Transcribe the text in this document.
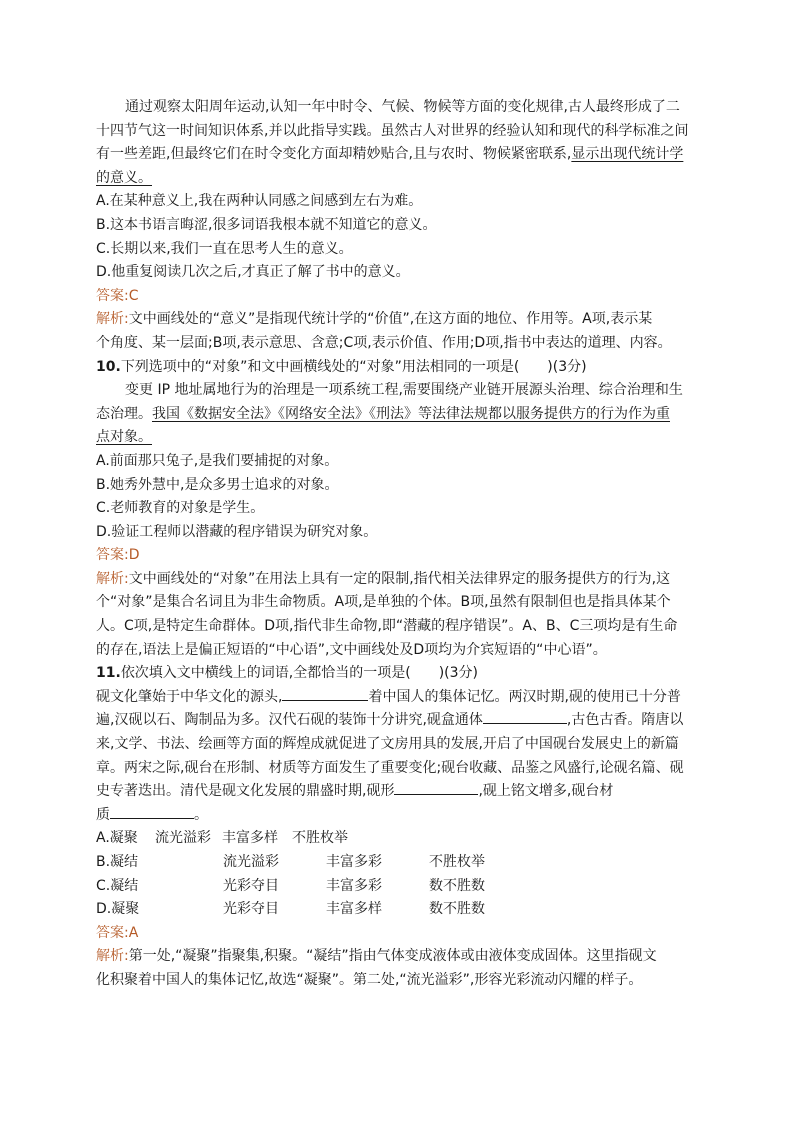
通过观察太阳周年运动,认知一年中时令、气候、物候等方面的变化规律,古人最终形成了二
十四节气这一时间知识体系,并以此指导实践。虽然古人对世界的经验认知和现代的科学标准之间
有一些差距,但最终它们在时令变化方面却精妙贴合,且与农时、物候紧密联系,显示出现代统计学
的意义。
A.在某种意义上,我在两种认同感之间感到左右为难。
B.这本书语言晦涩,很多词语我根本就不知道它的意义。
C.长期以来,我们一直在思考人生的意义。
D.他重复阅读几次之后,才真正了解了书中的意义。
答案:C
解析:文中画线处的“意义”是指现代统计学的“价值”,在这方面的地位、作用等。A项,表示某
个角度、某一层面;B项,表示意思、含意;C项,表示价值、作用;D项,指书中表达的道理、内容。
10.下列选项中的“对象”和文中画横线处的“对象”用法相同的一项是(　　)(3分)
变更 IP 地址属地行为的治理是一项系统工程,需要围绕产业链开展源头治理、综合治理和生
态治理。我国《数据安全法》《网络安全法》《刑法》等法律法规都以服务提供方的行为作为重
点对象。
A.前面那只兔子,是我们要捕捉的对象。
B.她秀外慧中,是众多男士追求的对象。
C.老师教育的对象是学生。
D.验证工程师以潜藏的程序错误为研究对象。
答案:D
解析:文中画线处的“对象”在用法上具有一定的限制,指代相关法律界定的服务提供方的行为,这
个“对象”是集合名词且为非生命物质。A项,是单独的个体。B项,虽然有限制但也是指具体某个
人。C项,是特定生命群体。D项,指代非生命物,即“潜藏的程序错误”。A、B、C三项均是有生命
的存在,语法上是偏正短语的“中心语”,文中画线处及D项均为介宾短语的“中心语”。
11.依次填入文中横线上的词语,全都恰当的一项是(　　)(3分)
砚文化肇始于中华文化的源头,	着中国人的集体记忆。两汉时期,砚的使用已十分普
遍,汉砚以石、陶制品为多。汉代石砚的装饰十分讲究,砚盒通体	,古色古香。隋唐以
来,文学、书法、绘画等方面的辉煌成就促进了文房用具的发展,开启了中国砚台发展史上的新篇
章。两宋之际,砚台在形制、材质等方面发生了重要变化;砚台收藏、品鉴之风盛行,论砚名篇、砚
史专著迭出。清代是砚文化发展的鼎盛时期,砚形	,砚上铭文增多,砚台材
质	。
A.凝聚	流光溢彩 丰富多样	不胜枚举
B.凝结	流光溢彩	丰富多彩	不胜枚举
C.凝结	光彩夺目	丰富多彩	数不胜数
D.凝聚	光彩夺目	丰富多样	数不胜数
答案:A
解析:第一处,“凝聚”指聚集,积聚。“凝结”指由气体变成液体或由液体变成固体。这里指砚文
化积聚着中国人的集体记忆,故选“凝聚”。第二处,“流光溢彩”,形容光彩流动闪耀的样子。
